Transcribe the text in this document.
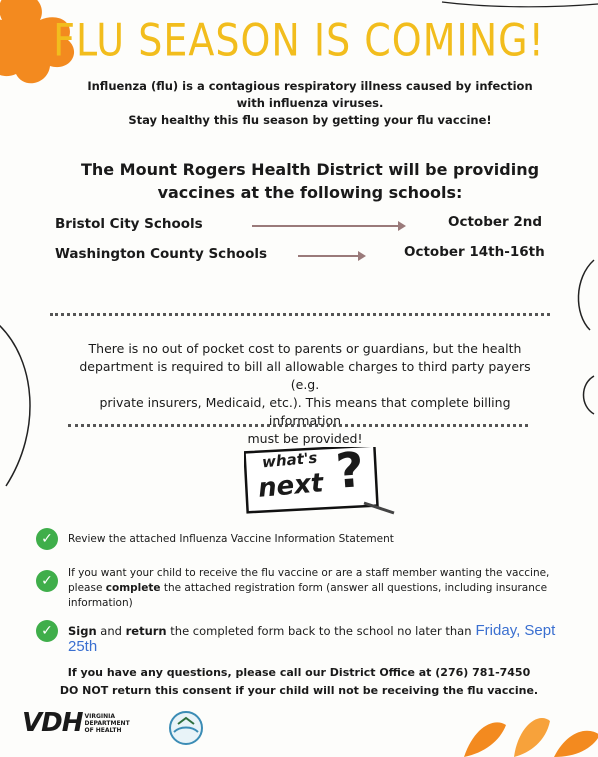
FLU SEASON IS COMING!
Influenza (flu) is a contagious respiratory illness caused by infection
with influenza viruses.
Stay healthy this flu season by getting your flu vaccine!
The Mount Rogers Health District will be providing
vaccines at the following schools:
Bristol City Schools	October 2nd
Washington County Schools	October 14th-16th
There is no out of pocket cost to parents or guardians, but the health
department is required to bill all allowable charges to third party payers (e.g.
private insurers, Medicaid, etc.). This means that complete billing information
must be provided!
what's
next ?
✓	Review the attached Influenza Vaccine Information Statement
✓	If you want your child to receive the flu vaccine or are a staff member wanting the vaccine,
please complete the attached registration form (answer all questions, including insurance
information)
✓	Sign and return the completed form back to the school no later than Friday, Sept 25th
If you have any questions, please call our District Office at (276) 781-7450
DO NOT return this consent if your child will not be receiving the flu vaccine.
VDH VIRGINIA
DEPARTMENT
OF HEALTH
